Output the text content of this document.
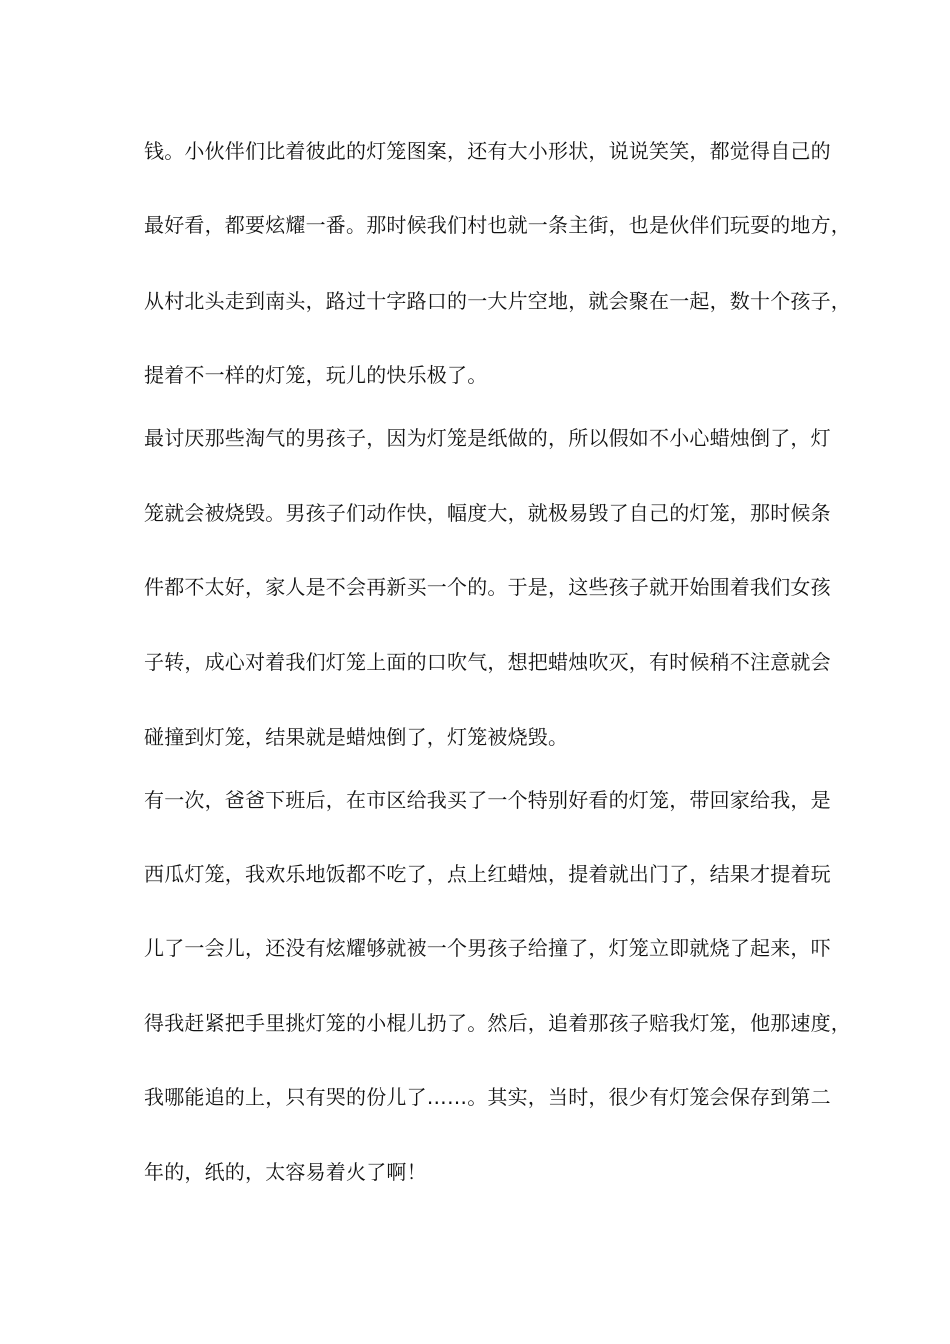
钱。小伙伴们比着彼此的灯笼图案，还有大小形状，说说笑笑，都觉得自己的
最好看，都要炫耀一番。那时候我们村也就一条主街，也是伙伴们玩耍的地方，
从村北头走到南头，路过十字路口的一大片空地，就会聚在一起，数十个孩子，
提着不一样的灯笼，玩儿的快乐极了。
最讨厌那些淘气的男孩子，因为灯笼是纸做的，所以假如不小心蜡烛倒了，灯
笼就会被烧毁。男孩子们动作快，幅度大，就极易毁了自己的灯笼，那时候条
件都不太好，家人是不会再新买一个的。于是，这些孩子就开始围着我们女孩
子转，成心对着我们灯笼上面的口吹气，想把蜡烛吹灭，有时候稍不注意就会
碰撞到灯笼，结果就是蜡烛倒了，灯笼被烧毁。
有一次，爸爸下班后，在市区给我买了一个特别好看的灯笼，带回家给我，是
西瓜灯笼，我欢乐地饭都不吃了，点上红蜡烛，提着就出门了，结果才提着玩
儿了一会儿，还没有炫耀够就被一个男孩子给撞了，灯笼立即就烧了起来，吓
得我赶紧把手里挑灯笼的小棍儿扔了。然后，追着那孩子赔我灯笼，他那速度，
我哪能追的上，只有哭的份儿了……。其实，当时，很少有灯笼会保存到第二
年的，纸的，太容易着火了啊！
